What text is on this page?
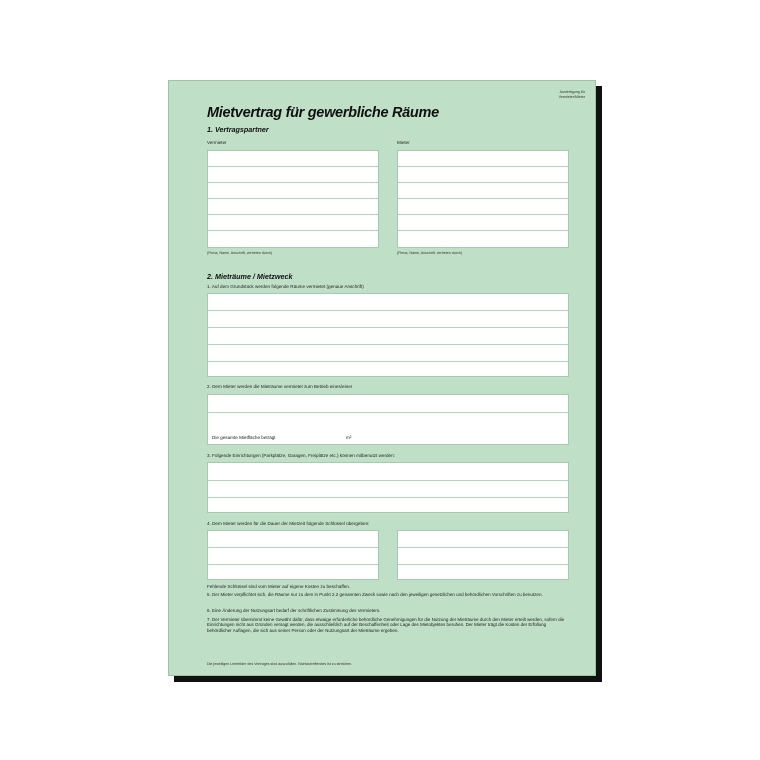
Mietvertrag für gewerbliche Räume
Ausfertigung für
Vermieter/Mieter
1. Vertragspartner
Vermieter	Mieter
(Firma, Name, Anschrift, vertreten durch)	(Firma, Name, Anschrift, vertreten durch)
2. Mieträume / Mietzweck
1. Auf dem Grundstück werden folgende Räume vermietet (genaue Anschrift)
2. Dem Mieter werden die Mieträume vermietet zum Betrieb eines/einer
Die gesamte Mietfläche beträgt	m²
3. Folgende Einrichtungen (Parkplätze, Garagen, Freiplätze etc.) können mitbenutzt werden:
4. Dem Mieter werden für die Dauer der Mietzeit folgende Schlüssel übergeben:
Fehlende Schlüssel sind vom Mieter auf eigene Kosten zu beschaffen.
5. Der Mieter verpflichtet sich, die Räume nur zu dem in Punkt 2.2 genannten Zweck sowie nach den jeweiligen gesetzlichen und behördlichen Vorschriften zu benutzen.
6. Eine Änderung der Nutzungsart bedarf der schriftlichen Zustimmung des Vermieters.
7. Der Vermieter übernimmt keine Gewähr dafür, dass etwaige erforderliche behördliche Genehmigungen für die Nutzung der Mieträume durch den Mieter erteilt werden, sofern die Einrichtungen nicht aus Gründen versagt werden, die ausschließlich auf der Beschaffenheit oder Lage des Mietobjektes beruhen. Der Mieter trägt die Kosten der Erfüllung behördlicher Auflagen, die sich aus seiner Person oder der Nutzungsart der Mieträume ergeben.
Die jeweiligen Leerfelder des Vertrages sind auszufüllen. Nichtzutreffendes ist zu streichen.
